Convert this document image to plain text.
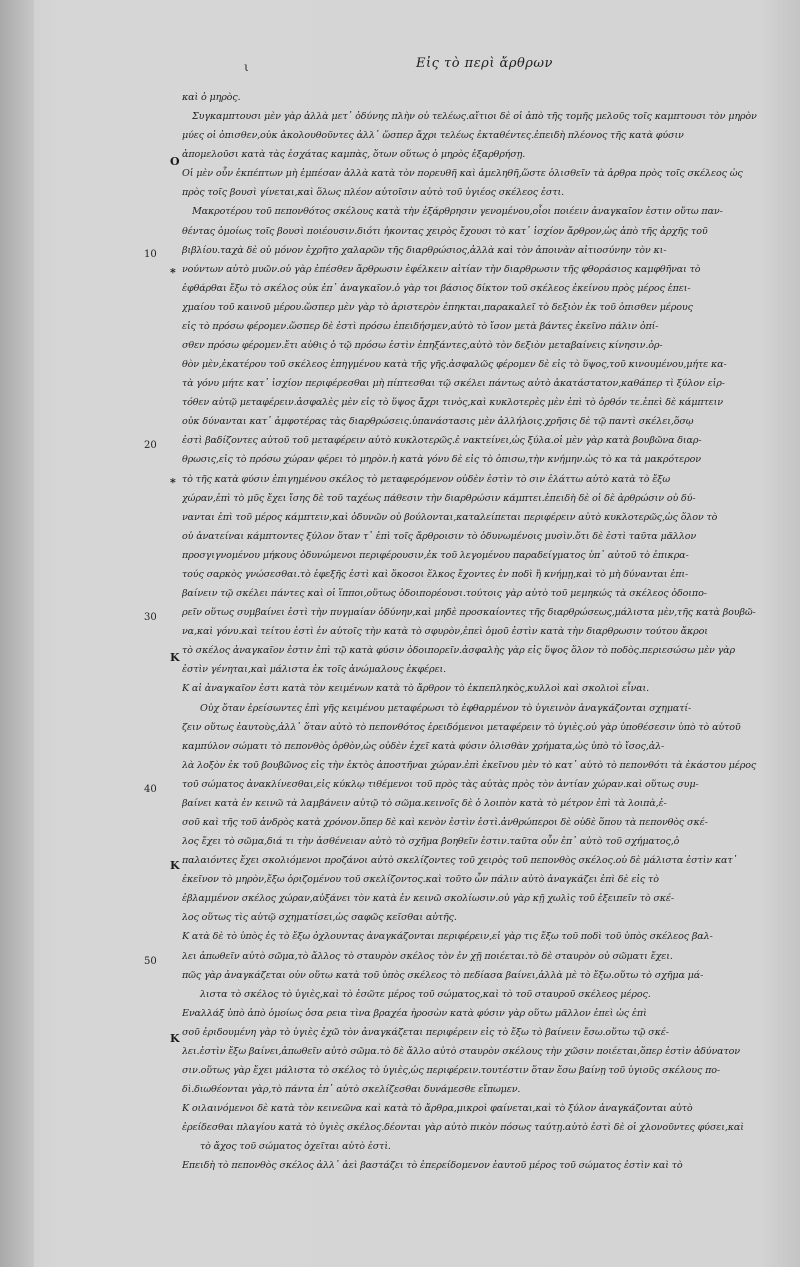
ι	Εἰς τὸ περὶ ἄρθρων
O
10
*
20
*
30
K
40
K
50
K
καὶ ὁ μηρὸς.
Συγκαμπτουσι μὲν γὰρ ἀλλὰ μετ᾽ ὀδύνης πλὴν οὐ τελέως.αἴτιοι δὲ οἱ ἀπὸ τῆς τομῆς μελοῦς τοῖς καμπτουσι τὸν μηρὸν
μύες οἱ ὀπισθεν,οὐκ ἀκολουθοῦντες ἀλλ᾽ ὥσπερ ἄχρι τελέως ἐκταθέντες.ἐπειδὴ πλέονος τῆς κατὰ φύσιν
ἀπομελοῦσι κατὰ τὰς ἐσχάτας καμπὰς, ὅτων οὕτως ὁ μηρὸς ἐξαρθρήσῃ.
Οἱ μὲν οὖν ἐκπέπτων μὴ ἐμπέσαν ἀλλὰ κατὰ τὸν πορευθῆ καὶ ἀμεληθῆ,ὥστε ὁλισθεῖν τὰ ἀρθρα πρὸς τοῖς σκέλεος ὡς
πρὸς τοῖς βουσὶ γίνεται,καὶ ὅλως πλέον αὐτοῖσιν αὐτὸ τοῦ ὑγιέος σκέλεος ἐστι.
Μακροτέρου τοῦ πεπονθότος σκέλους κατὰ τὴν ἐξάρθρησιν γενομένου,οἷοι ποιέειν ἀναγκαῖον ἐστιν οὕτω παν-
θέντας ὁμοίως τοῖς βουσὶ ποιέουσιν.διότι ἠκοντας χειρὸς ἔχουσι τὸ κατ᾽ ἰσχίον ἄρθρον,ὡς ἀπὸ τῆς ἀρχῆς τοῦ
βιβλίου.ταχὰ δὲ οὐ μόνον ἐχρῆτο χαλαρῶν τῆς διαρθρώσιος,ἀλλὰ καὶ τὸν ἀποινὰν αἰτιοσύνην τὸν κι-
νούντων αὐτὸ μυῶν.οὐ γὰρ ἐπέσθεν ἄρθρωσιν ἐφέλκειν αἰτίαν τὴν διαρθρωσιν τῆς φθοράσιος καμφθῆναι τὸ
ἐφθάρθαι ἔξω τὸ σκέλος οὐκ ἐπ᾽ ἀναγκαῖον.ὁ γὰρ τοι βάσιος δίκτον τοῦ σκέλεος ἐκείνου πρὸς μέρος ἐπει-
χμαίου τοῦ καινοῦ μέρου.ὥσπερ μὲν γὰρ τὸ ἀριστερὸν ἐπηκται,παρακαλεῖ τὸ δεξιὸν ἐκ τοῦ ὀπισθεν μέρους
εἰς τὸ πρόσω φέρομεν.ὥσπερ δὲ ἐστὶ πρόσω ἐπειδήσμεν,αὐτὸ τὸ ἴσον μετὰ βάντες ἐκεῖνο πάλιν ὀπί-
σθεν πρόσω φέρομεν.ἔτι αὐθις ὁ τῷ πρόσω ἐστὶν ἐπηξάντες,αὐτὸ τὸν δεξιὸν μεταβαίνεις κίνησιν.ὀρ-
θὸν μὲν,ἑκατέρου τοῦ σκέλεος ἐπηγμένου κατὰ τῆς γῆς.ἀσφαλῶς φέρομεν δὲ εἰς τὸ ὕψος,τοῦ κινουμένου,μήτε κα-
τὰ γόνυ μήτε κατ᾽ ἰσχίον περιφέρεσθαι μὴ πίπτεσθαι τῷ σκέλει πάντως αὐτὸ ἀκατάστατον,καθάπερ τὶ ξύλον εἰρ-
τόθεν αὐτῷ μεταφέρειν.ἀσφαλὲς μὲν εἰς τὸ ὕψος ἄχρι τινὸς,καὶ κυκλοτερὲς μὲν ἐπὶ τὸ ὀρθόν τε.ἐπεὶ δὲ κάμπτειν
οὐκ δύνανται κατ᾽ ἀμφοτέρας τὰς διαρθρώσεις.ὑπανάστασις μὲν ἀλλήλοις.χρῆσις δὲ τῷ παντὶ σκέλει,ὅσῳ
ἐστὶ βαδίζοντες αὐτοῦ τοῦ μεταφέρειν αὐτὸ κυκλοτερῶς.ἐ νακτείνει,ὡς ξύλα.οἱ μὲν γὰρ κατὰ βουβῶνα διαρ-
θρωσις,εἰς τὸ πρόσω χώραν φέρει τὸ μηρὸν.ἡ κατὰ γόνυ δὲ εἰς τὸ ὀπισω,τὴν κνήμην.ὡς τὸ κα τὰ μακρότερον
τὸ τῆς κατὰ φύσιν ἐπιγημένου σκέλος τὸ μεταφερόμενον οὐδὲν ἐστὶν τὸ σιν ἐλάττω αὐτὸ κατὰ τὸ ἔξω
χώραν,ἐπὶ τὸ μῦς ἔχει ἴσης δὲ τοῦ ταχέως πάθεσιν τὴν διαρθρώσιν κάμπτει.ἐπειδὴ δὲ οἱ δὲ ἀρθρώσιν οὐ δύ-
νανται ἐπὶ τοῦ μέρος κάμπτειν,καὶ ὀδυνῶν οὐ βούλονται,καταλείπεται περιφέρειν αὐτὸ κυκλοτερῶς,ὡς ὅλον τὸ
οὐ ἀνατείναι κάμπτοντες ξύλον ὅταν τ᾽ ἐπὶ τοῖς ἄρθροισιν τὸ ὀδυνωμένοις μυσὶν.ὅτι δὲ ἐστὶ ταῦτα μᾶλλον
προσγιγνομένου μήκους ὀδυνώμενοι περιφέρουσιν,ἐκ τοῦ λεγομένου παραδείγματος ὑπ᾽ αὐτοῦ τὸ ἐπικρα-
τούς σαρκὸς γνώσεσθαι.τὸ ἐφεξῆς ἐστὶ καὶ ὅκοσοι ἕλκος ἔχοντες ἐν ποδὶ ἢ κνήμῃ,καὶ τὸ μὴ δύνανται ἐπι-
βαίνειν τῷ σκέλει πάντες καὶ οἱ ἵπποι,οὕτως ὁδοιπορέουσι.τούτοις γὰρ αὐτὸ τοῦ μεμηκώς τὰ σκέλεος ὁδοιπο-
ρεῖν οὕτως συμβαίνει ἐστὶ τὴν πυγμαίαν ὀδύνην,καὶ μηδὲ προσκαίοντες τῆς διαρθρώσεως,μάλιστα μὲν,τῆς κατὰ βουβῶ-
να,καὶ γόνυ.καὶ τείτου ἐστὶ ἐν αὐτοῖς τὴν κατὰ τὸ σφυρὸν,ἐπεὶ ὁμοῦ ἐστὶν κατὰ τὴν διαρθρωσιν τούτου ἄκροι
τὸ σκέλος ἀναγκαῖον ἐστιν ἐπὶ τῷ κατὰ φύσιν ὁδοιπορεῖν.ἀσφαλὴς γὰρ εἰς ὕψος ὅλον τὸ ποδὸς.περιεσώσω μὲν γὰρ
ἐστὶν γένηται,καὶ μάλιστα ἐκ τοῖς ἀνώμαλους ἐκφέρει.
Κ αἰ ἀναγκαῖον ἐστι κατὰ τὸν κειμένων κατὰ τὸ ἄρθρον τὸ ἐκπεπληκὸς,κυλλοὶ καὶ σκολιοὶ εἶναι.
Οὐχ ὅταν ἐρείσωντες ἐπὶ γῆς κειμένου μεταφέρωσι τὸ ἐφθαρμένον τὸ ὑγιεινὸν ἀναγκάζονται σχηματί-
ζειν οὕτως ἑαυτοὺς,ἀλλ᾽ ὅταν αὐτὸ τὸ πεπονθότος ἐρειδόμενοι μεταφέρειν τὸ ὑγιὲς.οὐ γὰρ ὑποθέσεσιν ὑπὸ τὸ αὐτοῦ
καμπύλον σώματι τὸ πεπονθὸς ὀρθὸν,ὡς οὐδὲν ἐχεῖ κατὰ φύσιν ὀλισθὰν χρήματα,ὡς ὑπὸ τὸ ἴσος,ἀλ-
λὰ λοξὸν ἐκ τοῦ βουβῶνος εἰς τὴν ἐκτὸς ἀποστῆναι χώραν.ἐπὶ ἐκεῖνου μὲν τὸ κατ᾽ αὐτὸ τὸ πεπονθότι τὰ ἑκάστου μέρος
τοῦ σώματος ἀνακλίνεσθαι,εἰς κύκλῳ τιθέμενοι τοῦ πρὸς τὰς αὐτὰς πρὸς τὸν ἀντίαν χώραν.καὶ οὕτως συμ-
βαίνει κατὰ ἐν κεινῶ τὰ λαμβάνειν αὐτῷ τὸ σῶμα.κεινοῖς δὲ ὁ λοιπὸν κατὰ τὸ μέτρον ἐπὶ τὰ λοιπὰ,ἐ-
σοῦ καὶ τῆς τοῦ ἀνδρὸς κατὰ χρόνον.ὅπερ δὲ καὶ κενὸν ἐστὶν ἐστὶ.ἀνθρώπεροι δὲ οὐδὲ ὅπου τὰ πεπονθὸς σκέ-
λος ἔχει τὸ σῶμα,διά τι τὴν ἀσθένειαν αὐτὸ τὸ σχῆμα βοηθεῖν ἐστιν.ταῦτα οὖν ἐπ᾽ αὐτὸ τοῦ σχήματος,ὁ
παλαιόντες ἔχει σκολιόμενοι προζάνοι αὐτὸ σκελίζοντες τοῦ χειρὸς τοῦ πεπονθὸς σκέλος.οὐ δὲ μάλιστα ἐστὶν κατ᾽
ἐκεῖνον τὸ μηρὸν,ἔξω ὁριζομένου τοῦ σκελίζοντος.καὶ τοῦτο ὧν πάλιν αὐτὸ ἀναγκάζει ἐπὶ δὲ εἰς τὸ
ἐβλαμμένον σκέλος χώραν,αὐξάνει τὸν κατὰ ἐν κεινῶ σκολίωσιν.οὐ γὰρ κῇ χωλὶς τοῦ ἐξειπεῖν τὸ σκέ-
λος οὕτως τὶς αὐτῷ σχηματίσει,ὡς σαφῶς κεῖσθαι αὐτῆς.
Κ ατὰ δὲ τὸ ὑπὸς ἐς τὸ ἔξω ὀχλουντας ἀναγκάζονται περιφέρειν,εἰ γὰρ τις ἔξω τοῦ ποδὶ τοῦ ὑπὸς σκέλεος βαλ-
λει ἀπωθεῖν αὐτὸ σῶμα,τὸ ἄλλος τὸ σταυρὸν σκέλος τὸν ἐν χῇ ποιέεται.τὸ δὲ σταυρὸν οὐ σῶματι ἔχει.
πῶς γὰρ ἀναγκάζεται οὐν οὕτω κατὰ τοῦ ὑπὸς σκέλεος τὸ πεδίασα βαίνει,ἀλλὰ μὲ τὸ ἔξω.οὕτω τὸ σχῆμα μά-
λιστα τὸ σκέλος τὸ ὑγιὲς,καὶ τὸ ἐσῶτε μέρος τοῦ σώματος,καὶ τὸ τοῦ σταυροῦ σκέλεος μέρος.
Εναλλάξ ὑπὸ ἀπὸ ὁμοίως ὁσα ρεια τὶνα βραχέα ἠροσὼν κατὰ φύσιν γὰρ οὕτω μᾶλλον ἐπεὶ ὡς ἐπὶ
σοῦ ἐριδουμένη γὰρ τὸ ὑγιὲς ἐχῶ τὸν ἀναγκάζεται περιφέρειν εἰς τὸ ἔξω τὸ βαίνειν ἔσω.οὕτω τῷ σκέ-
λει.ἐστὶν ἔξω βαίνει,ἀπωθεῖν αὐτὸ σῶμα.τὸ δὲ ἄλλο αὐτὸ σταυρὸν σκέλους τὴν χῶσιν ποιέεται,ὅπερ ἐστὶν ἀδύνατον
σιν.οὕτως γὰρ ἔχει μάλιστα τὸ σκέλος τὸ ὑγιὲς,ὡς περιφέρειν.τουτέστιν ὅταν ἔσω βαίνῃ τοῦ ὑγιοῦς σκέλους πο-
δὶ.διωθέονται γὰρ,τὸ πάντα ἐπ᾽ αὐτὸ σκελίζεσθαι δυνάμεσθε εἴπωμεν.
Κ οιλαινόμενοι δὲ κατὰ τὸν κεινεῶνα καὶ κατὰ τὸ ἄρθρα,μικροὶ φαίνεται,καὶ τὸ ξύλον ἀναγκάζονται αὐτὸ
ἐρείδεσθαι πλαγίου κατὰ τὸ ὑγιὲς σκέλος.δέονται γὰρ αὐτὸ πικὸν πόσως ταύτῃ.αὐτὸ ἐστὶ δὲ οἱ χλονοῦντες φύσει,καὶ
τὸ ἄχος τοῦ σώματος ὀχεῖται αὐτὸ ἐστὶ.
Επειδὴ τὸ πεπονθὸς σκέλος ἀλλ᾽ ἀεὶ βαστάζει τὸ ἐπερείδομενον ἑαυτοῦ μέρος τοῦ σώματος ἐστὶν καὶ τὸ
